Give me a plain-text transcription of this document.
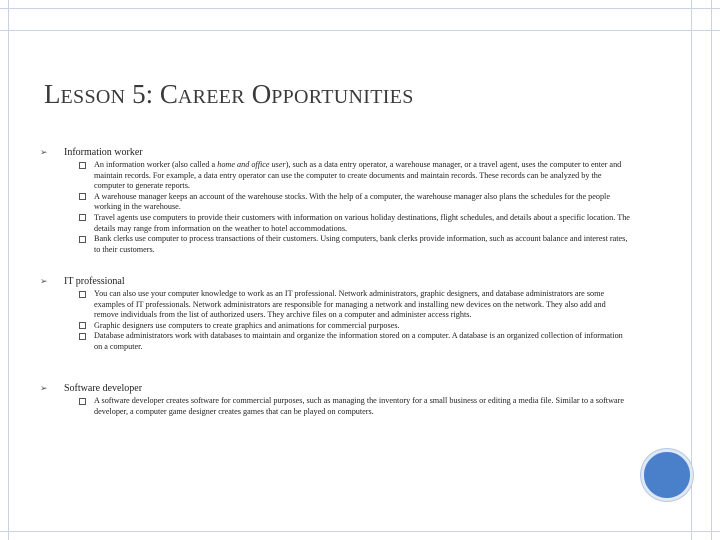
LESSON 5: CAREER OPPORTUNITIES
➢	Information worker
An information worker (also called a home and office user), such as a data entry operator, a warehouse manager, or a travel agent, uses the computer to enter and maintain records. For example, a data entry operator can use the computer to create documents and maintain records. These records can be analyzed by the computer to generate reports.
A warehouse manager keeps an account of the warehouse stocks. With the help of a computer, the warehouse manager also plans the schedules for the people working in the warehouse.
Travel agents use computers to provide their customers with information on various holiday destinations, flight schedules, and details about a specific location. The details may range from information on the weather to hotel accommodations.
Bank clerks use computer to process transactions of their customers. Using computers, bank clerks provide information, such as account balance and interest rates, to their customers.
➢	IT professional
You can also use your computer knowledge to work as an IT professional. Network administrators, graphic designers, and database administrators are some examples of IT professionals. Network administrators are responsible for managing a network and installing new devices on the network. They also add and remove individuals from the list of authorized users. They archive files on a computer and administer access rights.
Graphic designers use computers to create graphics and animations for commercial purposes.
Database administrators work with databases to maintain and organize the information stored on a computer. A database is an organized collection of information on a computer.
➢	Software developer
A software developer creates software for commercial purposes, such as managing the inventory for a small business or editing a media file. Similar to a software developer, a computer game designer creates games that can be played on computers.
